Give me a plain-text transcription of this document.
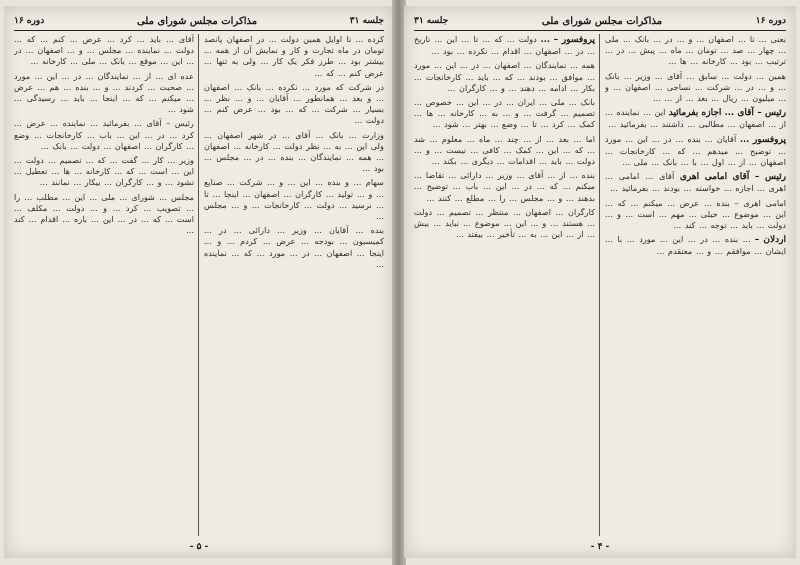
جلسه ۳۱
مذاکرات مجلس شورای ملی
دوره ۱۶

کرده ... تا اوایل همین دولت ... در اصفهان پانصد تومان در ماه تجارت و کار و نمایش آن از همه ... بیشتر بود ... طرز فکر یک کار ... ولی به تنها ... عرض کنم ... که ...

در شرکت که مورد ... نکرده ... بانک ... اصفهان ... و بعد ... همانطور ... آقایان ... و ... نظر ... بسیار ... شرکت ... که ... بود ... عرض کنم ... دولت ...

وزارت ... بانک ... آقای ... در شهر اصفهان ... ولی این ... به ... نظر دولت ... کارخانه ... اصفهان ... همه ... نمایندگان ... بنده ... در ... مجلس ... بود ...

سهام ... و بنده ... این ... و ... شرکت ... صنایع ... و ... تولید ... کارگران ... اصفهان ... اینجا ... تا ... نرسید ... دولت ... کارخانجات ... و ... مجلس ...

بنده ... آقایان ... وزیر ... دارائی ... در ... کمیسیون ... بودجه ... عرض ... کردم ... و ... اینجا ... اصفهان ... در ... مورد ... که ... نماینده ...

آقای ... باید ... کرد ... عرض ... کنم ... که ... دولت ... نماینده ... مجلس ... و ... اصفهان ... در ... این ... موقع ... بانک ... ملی ... کارخانه ...

عده ای ... از ... نمایندگان ... در ... این ... مورد ... صحبت ... کردند ... و ... بنده ... هم ... عرض ... میکنم ... که ... اینجا ... باید ... رسیدگی ... شود ...

رئیس – آقای ... بفرمائید ... نماینده ... عرض ... کرد ... در ... این ... باب ... کارخانجات ... وضع ... کارگران ... اصفهان ... دولت ... بانک ...

وزیر ... کار ... گفت ... که ... تصمیم ... دولت ... این ... است ... که ... کارخانه ... ها ... تعطیل ... نشود ... و ... کارگران ... بیکار ... نمانند ...

مجلس ... شورای ... ملی ... این ... مطلب ... را ... تصویب ... کرد ... و ... دولت ... مکلف ... است ... که ... در ... این ... باره ... اقدام ... کند ...

- ۵ -
دوره ۱۶
مذاکرات مجلس شورای ملی
جلسه ۳۱

بعنی ... تا ... اصفهان ... و ... در ... بانک ... ملی ... چهار ... صد ... تومان ... ماه ... پیش ... در ... ترتیب ... بود ... کارخانه ... ها ...

همین ... دولت ... سابق ... آقای ... وزیر ... بانک ... و ... در ... شرکت ... نساجی ... اصفهان ... و ... میلیون ... ریال ... بعد ... از ... ...

رئیس – آقای ... اجازه بفرمائید این ... نماینده ... از ... اصفهان ... مطالبی ... داشتند ... بفرمائید ...

پروفسور ... آقایان ... بنده ... در ... این ... مورد ... توضیح ... میدهم ... که ... کارخانجات ... اصفهان ... از ... اول ... با ... بانک ... ملی ...

رئیس – آقای امامی اهری آقای ... امامی ... اهری ... اجازه ... خواسته ... بودند ... بفرمائید ...

امامی اهری – بنده ... عرض ... میکنم ... که ... این ... موضوع ... خیلی ... مهم ... است ... و ... دولت ... باید ... توجه ... کند ...

اردلان – ... بنده ... در ... این ... مورد ... با ... ایشان ... موافقم ... و ... معتقدم ...

پروفسور – ... دولت ... که ... تا ... این ... تاریخ ... در ... اصفهان ... اقدام ... نکرده ... بود ...

همه ... نمایندگان ... اصفهان ... در ... این ... مورد ... موافق ... بودند ... که ... باید ... کارخانجات ... بکار ... ادامه ... دهند ... و ... کارگران ...

بانک ... ملی ... ایران ... در ... این ... خصوص ... تصمیم ... گرفت ... و ... به ... کارخانه ... ها ... کمک ... کرد ... تا ... وضع ... بهتر ... شود ...

اما ... بعد ... از ... چند ... ماه ... معلوم ... شد ... که ... این ... کمک ... کافی ... نیست ... و ... دولت ... باید ... اقدامات ... دیگری ... بکند ...

بنده ... از ... آقای ... وزیر ... دارائی ... تقاضا ... میکنم ... که ... در ... این ... باب ... توضیح ... بدهند ... و ... مجلس ... را ... مطلع ... کنند ...

کارگران ... اصفهان ... منتظر ... تصمیم ... دولت ... هستند ... و ... این ... موضوع ... نباید ... بیش ... از ... این ... به ... تأخیر ... بیفتد ...

- ۴ -
